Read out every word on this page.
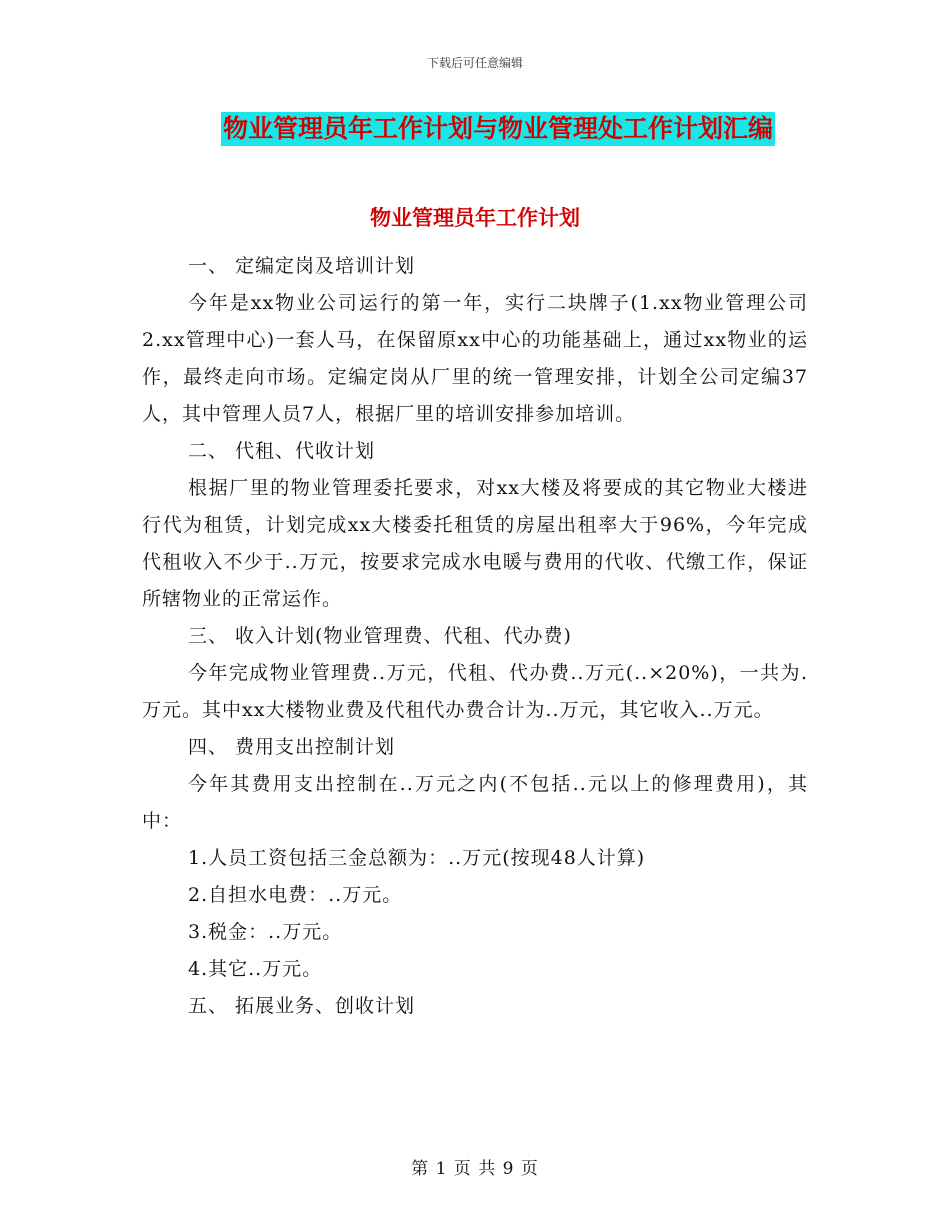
下载后可任意编辑
物业管理员年工作计划与物业管理处工作计划汇编
物业管理员年工作计划

一、 定编定岗及培训计划

今年是xx物业公司运行的第一年，实行二块牌子(1.xx物业管理公司 2.xx管理中心)一套人马，在保留原xx中心的功能基础上，通过xx物业的运作，最终走向市场。定编定岗从厂里的统一管理安排，计划全公司定编37人，其中管理人员7人，根据厂里的培训安排参加培训。

二、 代租、代收计划

根据厂里的物业管理委托要求，对xx大楼及将要成的其它物业大楼进行代为租赁，计划完成xx大楼委托租赁的房屋出租率大于96%，今年完成代租收入不少于..万元，按要求完成水电暖与费用的代收、代缴工作，保证所辖物业的正常运作。

三、 收入计划(物业管理费、代租、代办费)

今年完成物业管理费..万元，代租、代办费..万元(..×20%)，一共为.万元。其中xx大楼物业费及代租代办费合计为..万元，其它收入..万元。

四、 费用支出控制计划

今年其费用支出控制在..万元之内(不包括..元以上的修理费用)，其中：

1.人员工资包括三金总额为：..万元(按现48人计算)

2.自担水电费：..万元。

3.税金：..万元。

4.其它..万元。

五、 拓展业务、创收计划

第 1 页 共 9 页
